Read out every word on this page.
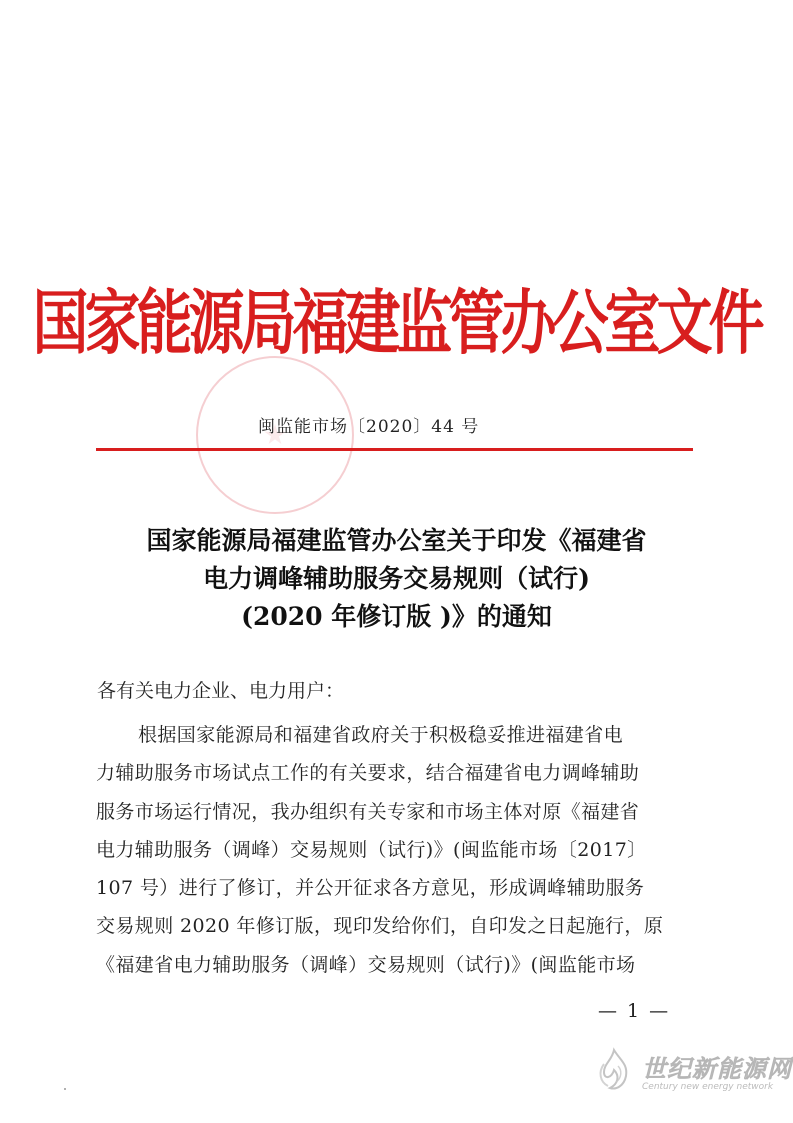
国家能源局福建监管办公室文件
闽监能市场〔2020〕44 号
国家能源局福建监管办公室关于印发《福建省
电力调峰辅助服务交易规则（试行)
(2020 年修订版 )》的通知
各有关电力企业、电力用户：
根据国家能源局和福建省政府关于积极稳妥推进福建省电
力辅助服务市场试点工作的有关要求，结合福建省电力调峰辅助
服务市场运行情况，我办组织有关专家和市场主体对原《福建省
电力辅助服务（调峰）交易规则（试行)》(闽监能市场〔2017〕
107 号）进行了修订，并公开征求各方意见，形成调峰辅助服务
交易规则 2020 年修订版，现印发给你们，自印发之日起施行，原
《福建省电力辅助服务（调峰）交易规则（试行)》(闽监能市场
— 1 —
世纪新能源网
Century new energy network
